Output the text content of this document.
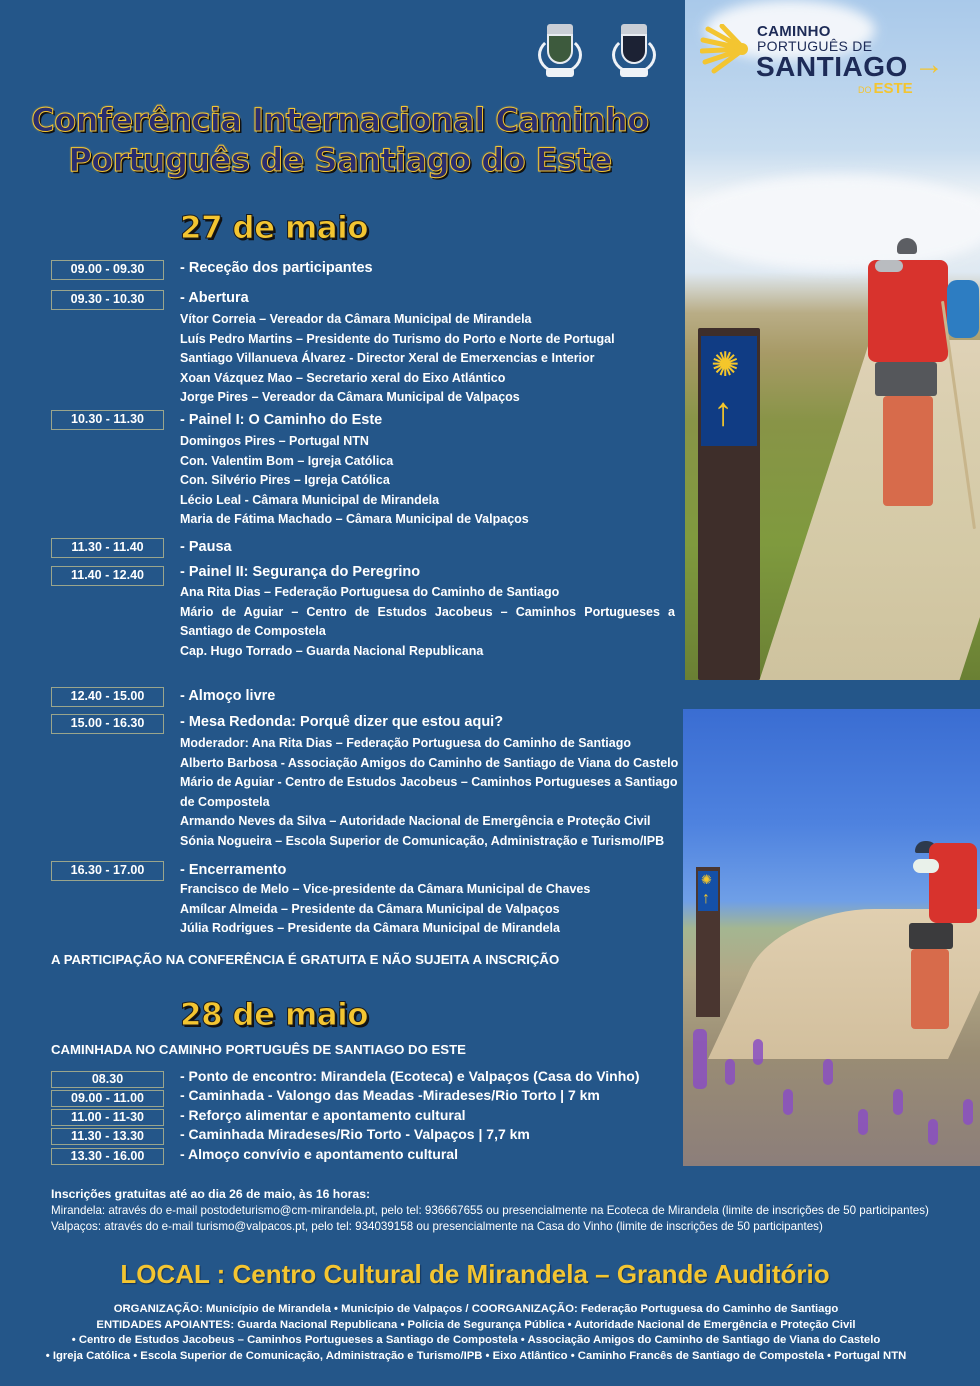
✺
↑
✺
↑
CAMINHO
PORTUGUÊS DE
SANTIAGO →
DO ESTE
Conferência Internacional Caminho
Português de Santiago do Este
27 de maio
09.00 - 09.30	- Receção dos participantes
09.30 - 10.30	- Abertura
Vítor Correia – Vereador da Câmara Municipal de Mirandela
Luís Pedro Martins – Presidente do Turismo do Porto e Norte de Portugal
Santiago Villanueva Álvarez - Director Xeral de Emerxencias e Interior
Xoan Vázquez Mao – Secretario xeral do Eixo Atlántico
Jorge Pires – Vereador da Câmara Municipal de Valpaços
10.30 - 11.30	- Painel I: O Caminho do Este
Domingos Pires – Portugal NTN
Con. Valentim Bom – Igreja Católica
Con. Silvério Pires – Igreja Católica
Lécio Leal - Câmara Municipal de Mirandela
Maria de Fátima Machado – Câmara Municipal de Valpaços
11.30 - 11.40	- Pausa
11.40 - 12.40	- Painel II: Segurança do Peregrino
Ana Rita Dias – Federação Portuguesa do Caminho de Santiago
Mário de Aguiar – Centro de Estudos Jacobeus – Caminhos Portugueses a Santiago de Compostela
Cap. Hugo Torrado – Guarda Nacional Republicana
12.40 - 15.00	- Almoço livre
15.00 - 16.30	- Mesa Redonda: Porquê dizer que estou aqui?
Moderador: Ana Rita Dias – Federação Portuguesa do Caminho de Santiago
Alberto Barbosa - Associação Amigos do Caminho de Santiago de Viana do Castelo
Mário de Aguiar - Centro de Estudos Jacobeus – Caminhos Portugueses a Santiago
de Compostela
Armando Neves da Silva – Autoridade Nacional de Emergência e Proteção Civil
Sónia Nogueira – Escola Superior de Comunicação, Administração e Turismo/IPB
16.30 - 17.00	- Encerramento
Francisco de Melo – Vice-presidente da Câmara Municipal de Chaves
Amílcar Almeida – Presidente da Câmara Municipal de Valpaços
Júlia Rodrigues – Presidente da Câmara Municipal de Mirandela
A PARTICIPAÇÃO NA CONFERÊNCIA É GRATUITA E NÃO SUJEITA A INSCRIÇÃO
28 de maio
CAMINHADA NO CAMINHO PORTUGUÊS DE SANTIAGO DO ESTE
08.30	- Ponto de encontro: Mirandela (Ecoteca) e Valpaços (Casa do Vinho)
09.00 - 11.00	- Caminhada - Valongo das Meadas -Miradeses/Rio Torto | 7 km
11.00 - 11-30	- Reforço alimentar e apontamento cultural
11.30 - 13.30	- Caminhada Miradeses/Rio Torto - Valpaços | 7,7 km
13.30 - 16.00	- Almoço convívio e apontamento cultural
Inscrições gratuitas até ao dia 26 de maio, às 16 horas:
Mirandela: através do e-mail postodeturismo@cm-mirandela.pt, pelo tel: 936667655 ou presencialmente na Ecoteca de Mirandela (limite de inscrições de 50 participantes)
Valpaços: através do e-mail turismo@valpacos.pt, pelo tel: 934039158 ou presencialmente na Casa do Vinho (limite de inscrições de 50 participantes)
LOCAL : Centro Cultural de Mirandela – Grande Auditório
ORGANIZAÇÃO: Município de Mirandela • Município de Valpaços / COORGANIZAÇÃO: Federação Portuguesa do Caminho de Santiago
ENTIDADES APOIANTES: Guarda Nacional Republicana • Polícia de Segurança Pública • Autoridade Nacional de Emergência e Proteção Civil
• Centro de Estudos Jacobeus – Caminhos Portugueses a Santiago de Compostela • Associação Amigos do Caminho de Santiago de Viana do Castelo
• Igreja Católica • Escola Superior de Comunicação, Administração e Turismo/IPB • Eixo Atlântico • Caminho Francês de Santiago de Compostela • Portugal NTN
